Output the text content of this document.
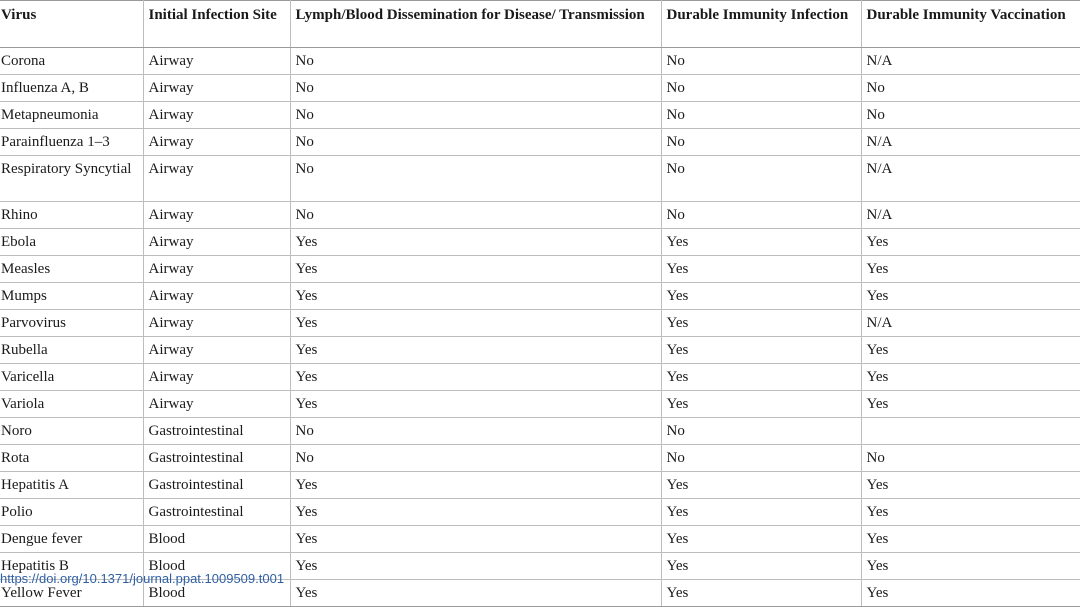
Virus	Initial Infection Site	Lymph/Blood Dissemination for Disease/ Transmission	Durable Immunity Infection	Durable Immunity Vaccination
Corona	Airway	No	No	N/A
Influenza A, B	Airway	No	No	No
Metapneumonia	Airway	No	No	No
Parainfluenza 1–3	Airway	No	No	N/A
Respiratory Syncytial	Airway	No	No	N/A
Rhino	Airway	No	No	N/A
Ebola	Airway	Yes	Yes	Yes
Measles	Airway	Yes	Yes	Yes
Mumps	Airway	Yes	Yes	Yes
Parvovirus	Airway	Yes	Yes	N/A
Rubella	Airway	Yes	Yes	Yes
Varicella	Airway	Yes	Yes	Yes
Variola	Airway	Yes	Yes	Yes
Noro	Gastrointestinal	No	No	
Rota	Gastrointestinal	No	No	No
Hepatitis A	Gastrointestinal	Yes	Yes	Yes
Polio	Gastrointestinal	Yes	Yes	Yes
Dengue fever	Blood	Yes	Yes	Yes
Hepatitis B	Blood	Yes	Yes	Yes
Yellow Fever	Blood	Yes	Yes	Yes
https://doi.org/10.1371/journal.ppat.1009509.t001
